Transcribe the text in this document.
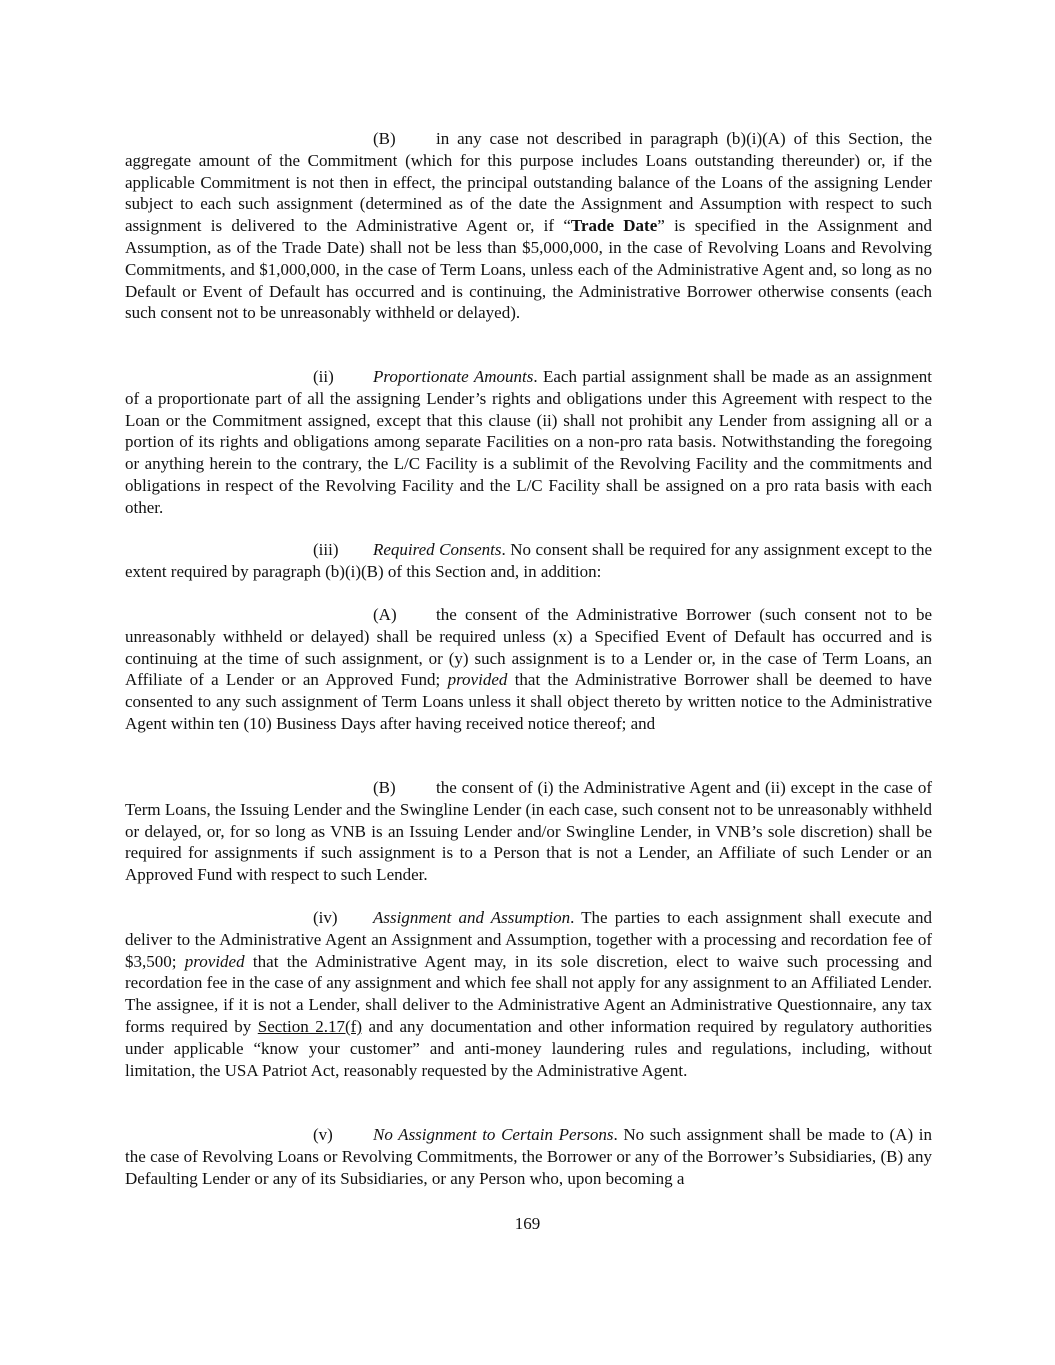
(B) in any case not described in paragraph (b)(i)(A) of this Section, the aggregate amount of the Commitment (which for this purpose includes Loans outstanding thereunder) or, if the applicable Commitment is not then in effect, the principal outstanding balance of the Loans of the assigning Lender subject to each such assignment (determined as of the date the Assignment and Assumption with respect to such assignment is delivered to the Administrative Agent or, if “Trade Date” is specified in the Assignment and Assumption, as of the Trade Date) shall not be less than $5,000,000, in the case of Revolving Loans and Revolving Commitments, and $1,000,000, in the case of Term Loans, unless each of the Administrative Agent and, so long as no Default or Event of Default has occurred and is continuing, the Administrative Borrower otherwise consents (each such consent not to be unreasonably withheld or delayed).

(ii) Proportionate Amounts. Each partial assignment shall be made as an assignment of a proportionate part of all the assigning Lender’s rights and obligations under this Agreement with respect to the Loan or the Commitment assigned, except that this clause (ii) shall not prohibit any Lender from assigning all or a portion of its rights and obligations among separate Facilities on a non-pro rata basis. Notwithstanding the foregoing or anything herein to the contrary, the L/C Facility is a sublimit of the Revolving Facility and the commitments and obligations in respect of the Revolving Facility and the L/C Facility shall be assigned on a pro rata basis with each other.

(iii) Required Consents. No consent shall be required for any assignment except to the extent required by paragraph (b)(i)(B) of this Section and, in addition:

(A) the consent of the Administrative Borrower (such consent not to be unreasonably withheld or delayed) shall be required unless (x) a Specified Event of Default has occurred and is continuing at the time of such assignment, or (y) such assignment is to a Lender or, in the case of Term Loans, an Affiliate of a Lender or an Approved Fund; provided that the Administrative Borrower shall be deemed to have consented to any such assignment of Term Loans unless it shall object thereto by written notice to the Administrative Agent within ten (10) Business Days after having received notice thereof; and

(B) the consent of (i) the Administrative Agent and (ii) except in the case of Term Loans, the Issuing Lender and the Swingline Lender (in each case, such consent not to be unreasonably withheld or delayed, or, for so long as VNB is an Issuing Lender and/or Swingline Lender, in VNB’s sole discretion) shall be required for assignments if such assignment is to a Person that is not a Lender, an Affiliate of such Lender or an Approved Fund with respect to such Lender.

(iv) Assignment and Assumption. The parties to each assignment shall execute and deliver to the Administrative Agent an Assignment and Assumption, together with a processing and recordation fee of $3,500; provided that the Administrative Agent may, in its sole discretion, elect to waive such processing and recordation fee in the case of any assignment and which fee shall not apply for any assignment to an Affiliated Lender. The assignee, if it is not a Lender, shall deliver to the Administrative Agent an Administrative Questionnaire, any tax forms required by Section 2.17(f) and any documentation and other information required by regulatory authorities under applicable “know your customer” and anti-money laundering rules and regulations, including, without limitation, the USA Patriot Act, reasonably requested by the Administrative Agent.

(v) No Assignment to Certain Persons. No such assignment shall be made to (A) in the case of Revolving Loans or Revolving Commitments, the Borrower or any of the Borrower’s Subsidiaries, (B) any Defaulting Lender or any of its Subsidiaries, or any Person who, upon becoming a

169
